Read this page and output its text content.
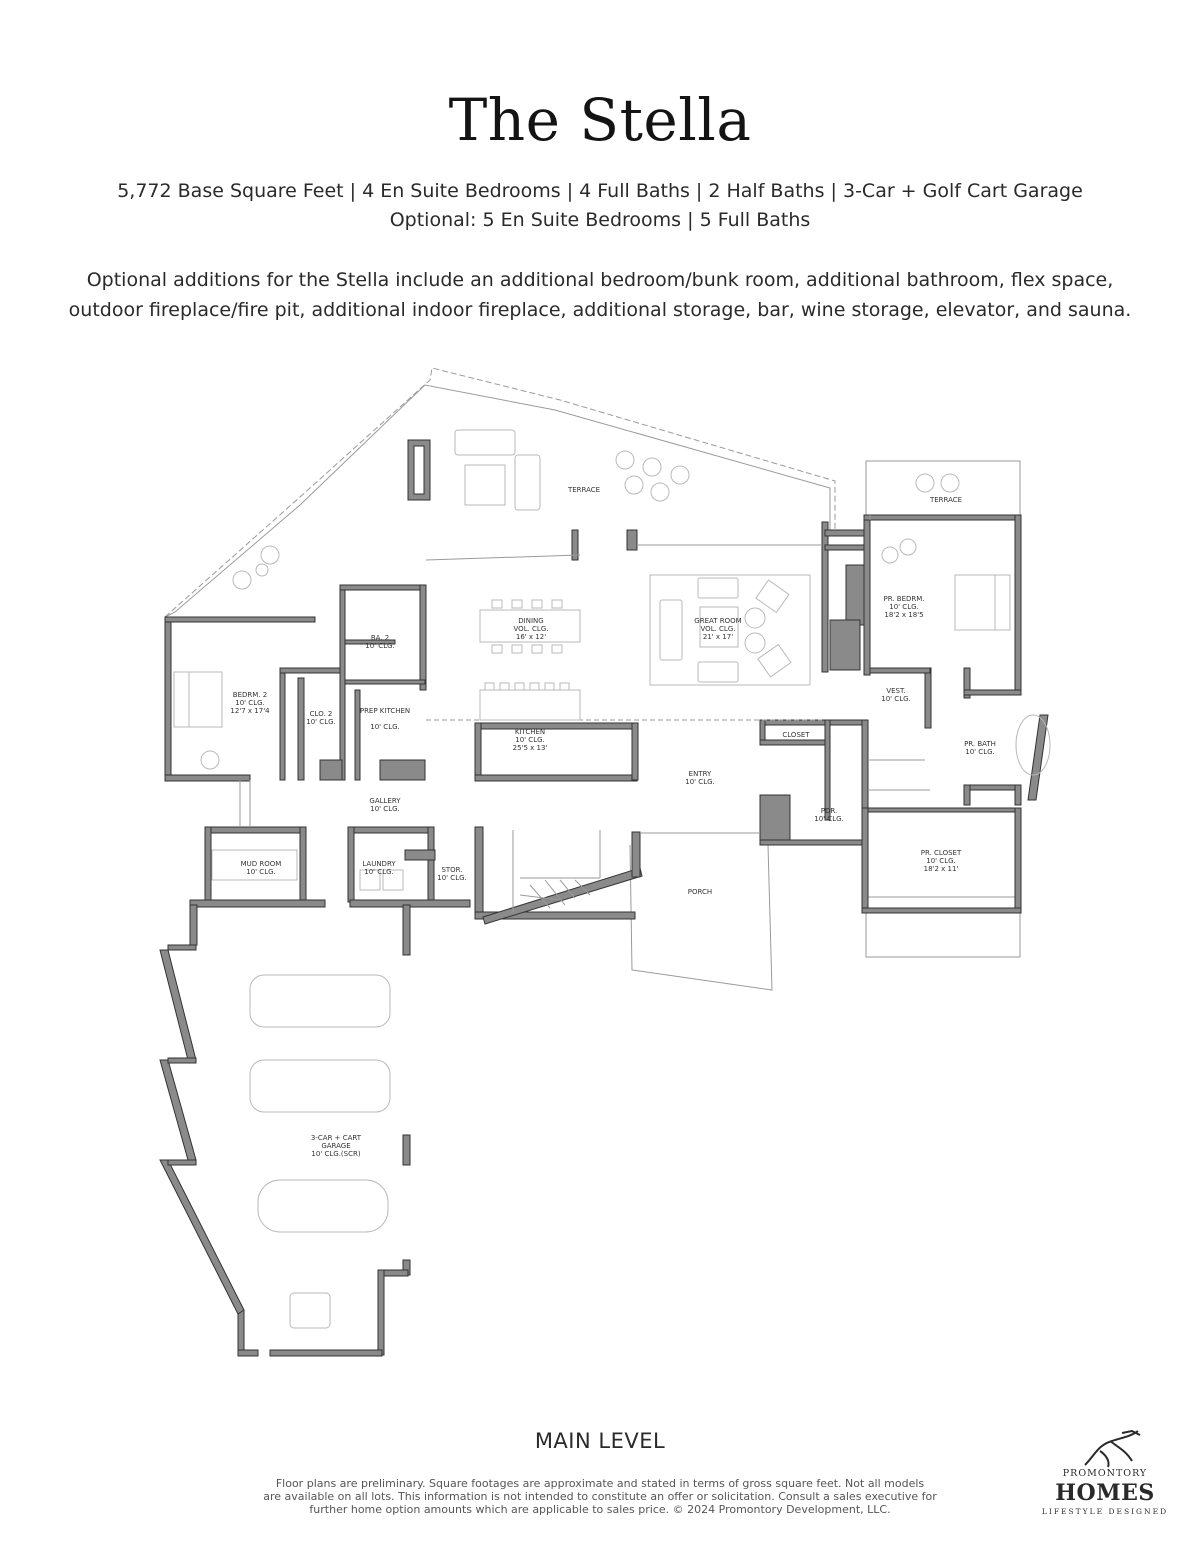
The Stella
5,772 Base Square Feet | 4 En Suite Bedrooms | 4 Full Baths | 2 Half Baths | 3-Car + Golf Cart Garage
Optional: 5 En Suite Bedrooms | 5 Full Baths
Optional additions for the Stella include an additional bedroom/bunk room, additional bathroom, flex space,
outdoor fireplace/fire pit, additional indoor fireplace, additional storage, bar, wine storage, elevator, and sauna.
TERRACE
TERRACE
DINING
VOL. CLG.
16' x 12'
GREAT ROOM
VOL. CLG.
21' x 17'
KITCHEN
10' CLG.
25'5 x 13'
PR. BEDRM.
10' CLG.
18'2 x 18'5
BEDRM. 2
10' CLG.
12'7 x 17'4
BA. 2
10' CLG.
CLO. 2
10' CLG.
PREP KITCHEN
10' CLG.
VEST.
10' CLG.
CLOSET
PR. BATH
10' CLG.
ENTRY
10' CLG.
GALLERY
10' CLG.	PDR.
10' CLG.
PR. CLOSET
10' CLG.
18'2 x 11'
MUD ROOM
10' CLG.
LAUNDRY
10' CLG.	STOR.
10' CLG.
PORCH
3-CAR + CART
GARAGE
10' CLG.(SCR)
MAIN LEVEL
Floor plans are preliminary. Square footages are approximate and stated in terms of gross square feet. Not all models
are available on all lots. This information is not intended to constitute an offer or solicitation. Consult a sales executive for
further home option amounts which are applicable to sales price. © 2024 Promontory Development, LLC.
PROMONTORY
HOMES
LIFESTYLE DESIGNED
